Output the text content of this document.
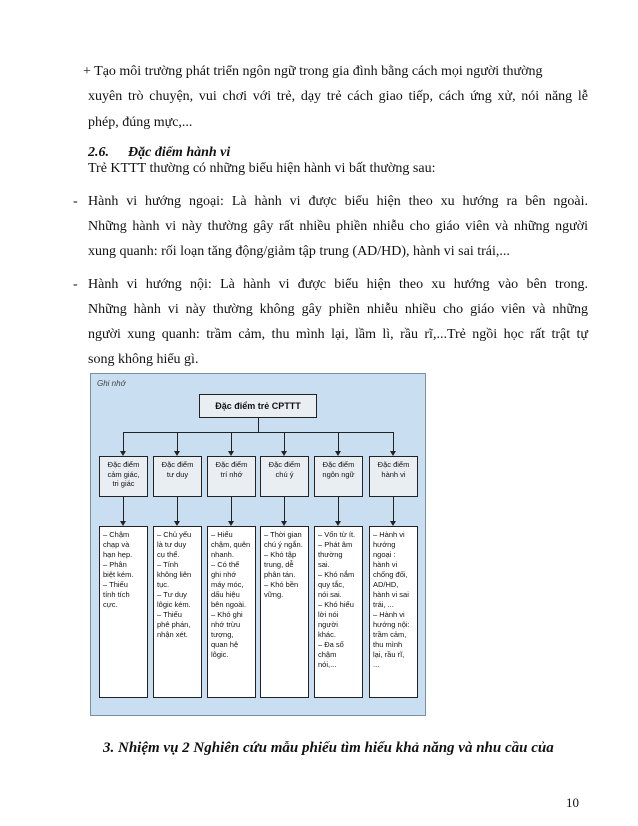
+ Tạo môi trường phát triển ngôn ngữ trong gia đình bằng cách mọi người thường
xuyên trò chuyện, vui chơi với trẻ, dạy trẻ cách giao tiếp, cách ứng xử, nói năng lễ
phép, đúng mực,...
2.6. Đặc điểm hành vi
Trẻ KTTT thường có những biểu hiện hành vi bất thường sau:
- Hành vi hướng ngoại: Là hành vi được biểu hiện theo xu hướng ra bên ngoài.
Những hành vi này thường gây rất nhiều phiền nhiễu cho giáo viên và những người
xung quanh: rối loạn tăng động/giảm tập trung (AD/HD), hành vi sai trái,...
- Hành vi hướng nội: Là hành vi được biểu hiện theo xu hướng vào bên trong.
Những hành vi này thường không gây phiền nhiễu nhiều cho giáo viên và những
người xung quanh: trầm cảm, thu mình lại, lầm lì, rầu rĩ,...Trẻ ngồi học rất trật tự
song không hiểu gì.
Ghi nhớ
Đặc điểm trẻ CPTTT
Đặc điểm
cảm giác,
tri giác
– Chậm
chạp và
hạn hẹp.
– Phân
biệt kém.
– Thiếu
tính tích
cực.
Đặc điểm
tư duy
– Chủ yếu
là tư duy
cụ thể.
– Tính
không liên
tục.
– Tư duy
lôgic kém.
– Thiếu
phê phán,
nhận xét.
Đặc điểm
trí nhớ
– Hiểu
chậm, quên
nhanh.
– Có thể
ghi nhớ
máy móc,
dấu hiệu
bên ngoài.
– Khó ghi
nhớ trừu
tượng,
quan hệ
lôgic.
Đặc điểm
chú ý
– Thời gian
chú ý ngắn.
– Khó tập
trung, dễ
phân tán.
– Khó bền
vững.
Đặc điểm
ngôn ngữ
– Vốn từ ít.
– Phát âm
thường
sai.
– Khó nắm
quy tắc,
nói sai.
– Khó hiểu
lời nói
người
khác.
– Đa số
chậm
nói,...
Đặc điểm
hành vi
– Hành vi
hướng
ngoại :
hành vi
chống đối,
AD/HD,
hành vi sai
trái, ...
– Hành vi
hướng nội:
trầm cảm,
thu mình
lại, rầu rĩ,
...
3. Nhiệm vụ 2 Nghiên cứu mẫu phiếu tìm hiểu khả năng và nhu cầu của
10
